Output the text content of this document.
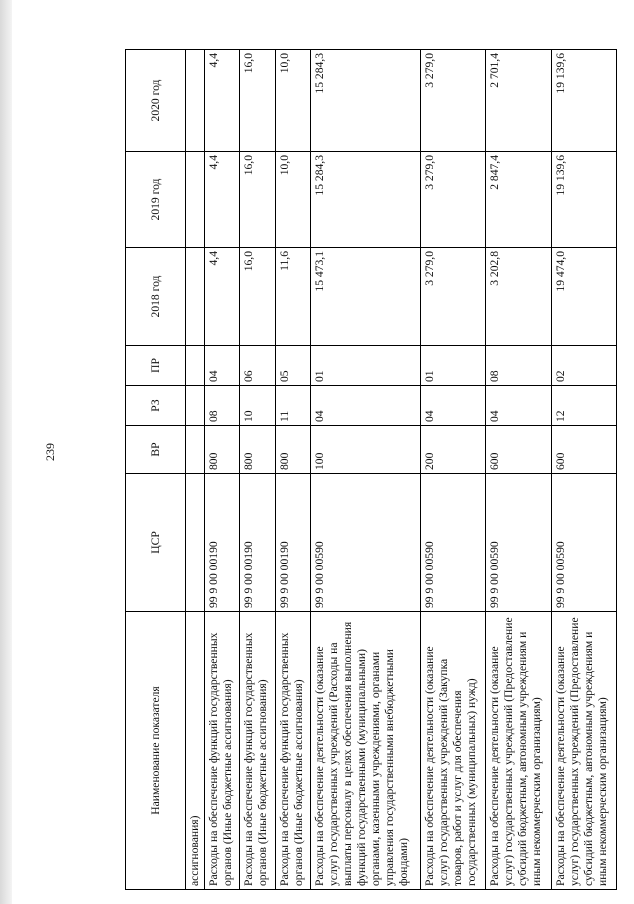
239
Наименование показателя	ЦСР	ВР	РЗ	ПР	2018 год	2019 год	2020 год
ассигнования)							
Расходы на обеспечение функций государственных органов (Иные бюджетные ассигнования)	99 9 00 00190	800	08	04	4,4	4,4	4,4
Расходы на обеспечение функций государственных органов (Иные бюджетные ассигнования)	99 9 00 00190	800	10	06	16,0	16,0	16,0
Расходы на обеспечение функций государственных органов (Иные бюджетные ассигнования)	99 9 00 00190	800	11	05	11,6	10,0	10,0
Расходы на обеспечение деятельности (оказание услуг) государственных учреждений (Расходы на выплаты персоналу в целях обеспечения выполнения функций государственными (муниципальными) органами, казенными учреждениями, органами управления государственными внебюджетными фондами)	99 9 00 00590	100	04	01	15 473,1	15 284,3	15 284,3
Расходы на обеспечение деятельности (оказание услуг) государственных учреждений (Закупка товаров, работ и услуг для обеспечения государственных (муниципальных) нужд)	99 9 00 00590	200	04	01	3 279,0	3 279,0	3 279,0
Расходы на обеспечение деятельности (оказание услуг) государственных учреждений (Предоставление субсидий бюджетным, автономным учреждениям и иным некоммерческим организациям)	99 9 00 00590	600	04	08	3 202,8	2 847,4	2 701,4
Расходы на обеспечение деятельности (оказание услуг) государственных учреждений (Предоставление субсидий бюджетным, автономным учреждениям и иным некоммерческим организациям)	99 9 00 00590	600	12	02	19 474,0	19 139,6	19 139,6
